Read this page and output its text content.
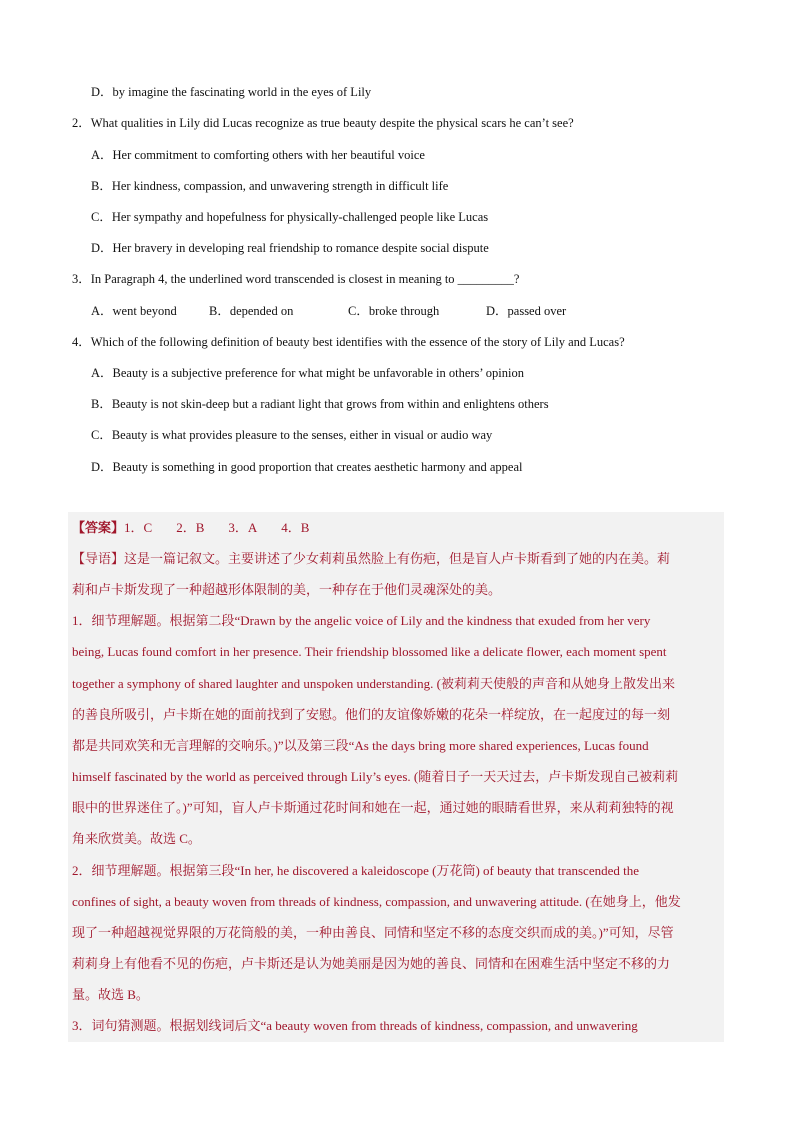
D．by imagine the fascinating world in the eyes of Lily
2．What qualities in Lily did Lucas recognize as true beauty despite the physical scars he can’t see?
A．Her commitment to comforting others with her beautiful voice
B．Her kindness, compassion, and unwavering strength in difficult life
C．Her sympathy and hopefulness for physically-challenged people like Lucas
D．Her bravery in developing real friendship to romance despite social dispute
3．In Paragraph 4, the underlined word transcended is closest in meaning to _________?
A．went beyond	B．depended on	C．broke through	D．passed over
4．Which of the following definition of beauty best identifies with the essence of the story of Lily and Lucas?
A．Beauty is a subjective preference for what might be unfavorable in others’ opinion
B．Beauty is not skin-deep but a radiant light that grows from within and enlightens others
C．Beauty is what provides pleasure to the senses, either in visual or audio way
D．Beauty is something in good proportion that creates aesthetic harmony and appeal
【答案】1．C 2．B 3．A 4．B
【导语】这是一篇记叙文。主要讲述了少女莉莉虽然脸上有伤疤，但是盲人卢卡斯看到了她的内在美。莉
莉和卢卡斯发现了一种超越形体限制的美，一种存在于他们灵魂深处的美。
1．细节理解题。根据第二段“Drawn by the angelic voice of Lily and the kindness that exuded from her very
being, Lucas found comfort in her presence. Their friendship blossomed like a delicate flower, each moment spent
together a symphony of shared laughter and unspoken understanding. (被莉莉天使般的声音和从她身上散发出来
的善良所吸引，卢卡斯在她的面前找到了安慰。他们的友谊像娇嫩的花朵一样绽放，在一起度过的每一刻
都是共同欢笑和无言理解的交响乐。)”以及第三段“As the days bring more shared experiences, Lucas found
himself fascinated by the world as perceived through Lily’s eyes. (随着日子一天天过去，卢卡斯发现自己被莉莉
眼中的世界迷住了。)”可知，盲人卢卡斯通过花时间和她在一起，通过她的眼睛看世界，来从莉莉独特的视
角来欣赏美。故选 C。
2．细节理解题。根据第三段“In her, he discovered a kaleidoscope (万花筒) of beauty that transcended the
confines of sight, a beauty woven from threads of kindness, compassion, and unwavering attitude. (在她身上，他发
现了一种超越视觉界限的万花筒般的美，一种由善良、同情和坚定不移的态度交织而成的美。)”可知，尽管
莉莉身上有他看不见的伤疤，卢卡斯还是认为她美丽是因为她的善良、同情和在困难生活中坚定不移的力
量。故选 B。
3．词句猜测题。根据划线词后文“a beauty woven from threads of kindness, compassion, and unwavering
